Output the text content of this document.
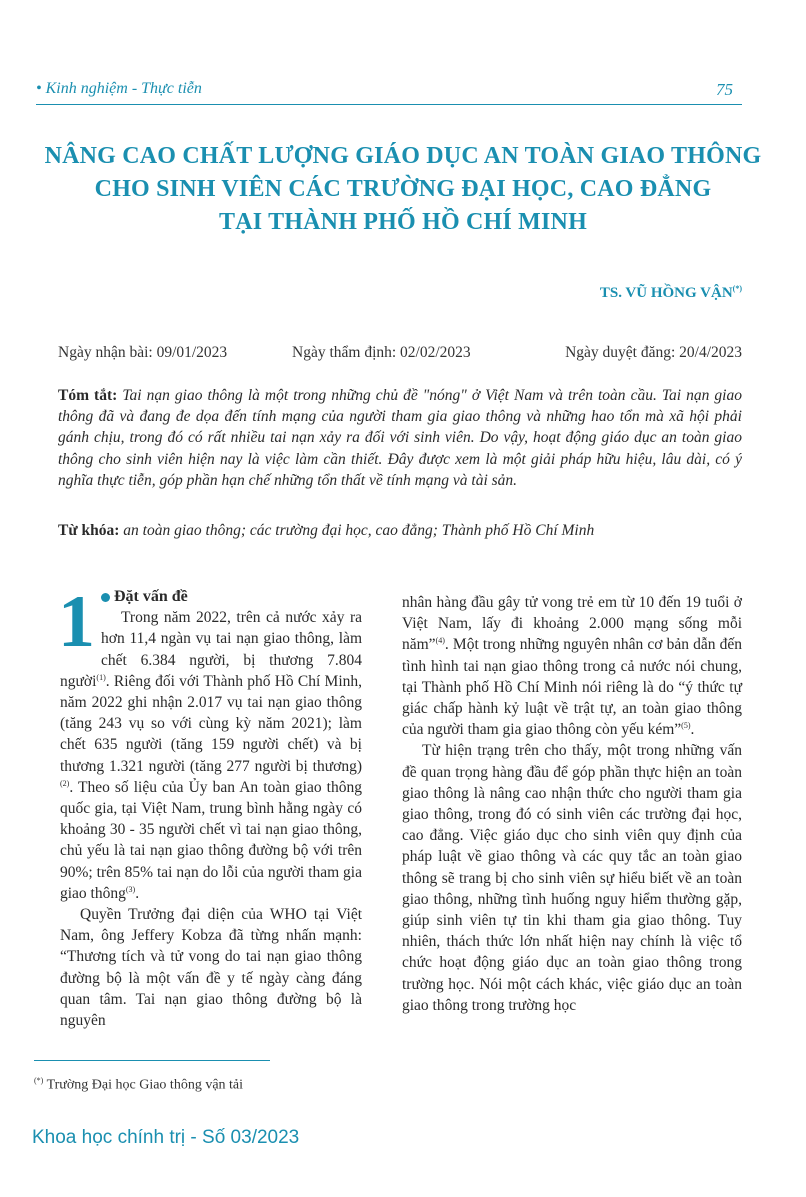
• Kinh nghiệm - Thực tiễn	75
NÂNG CAO CHẤT LƯỢNG GIÁO DỤC AN TOÀN GIAO THÔNG
CHO SINH VIÊN CÁC TRƯỜNG ĐẠI HỌC, CAO ĐẲNG
TẠI THÀNH PHỐ HỒ CHÍ MINH
TS. VŨ HỒNG VẬN(*)
Ngày nhận bài: 09/01/2023	Ngày thẩm định: 02/02/2023	Ngày duyệt đăng: 20/4/2023
Tóm tắt: Tai nạn giao thông là một trong những chủ đề "nóng" ở Việt Nam và trên toàn cầu. Tai nạn giao thông đã và đang đe dọa đến tính mạng của người tham gia giao thông và những hao tổn mà xã hội phải gánh chịu, trong đó có rất nhiều tai nạn xảy ra đối với sinh viên. Do vậy, hoạt động giáo dục an toàn giao thông cho sinh viên hiện nay là việc làm cần thiết. Đây được xem là một giải pháp hữu hiệu, lâu dài, có ý nghĩa thực tiễn, góp phần hạn chế những tổn thất về tính mạng và tài sản.
Từ khóa: an toàn giao thông; các trường đại học, cao đẳng; Thành phố Hồ Chí Minh
1	Đặt vấn đề

Trong năm 2022, trên cả nước xảy ra hơn 11,4 ngàn vụ tai nạn giao thông, làm chết 6.384 người, bị thương 7.804 người$^{(1)}$. Riêng đối với Thành phố Hồ Chí Minh, năm 2022 ghi nhận 2.017 vụ tai nạn giao thông (tăng 243 vụ so với cùng kỳ năm 2021); làm chết 635 người (tăng 159 người chết) và bị thương 1.321 người (tăng 277 người bị thương)$^{(2)}$. Theo số liệu của Ủy ban An toàn giao thông quốc gia, tại Việt Nam, trung bình hằng ngày có khoảng 30 - 35 người chết vì tai nạn giao thông, chủ yếu là tai nạn giao thông đường bộ với trên 90%; trên 85% tai nạn do lỗi của người tham gia giao thông$^{(3)}$.

Quyền Trưởng đại diện của WHO tại Việt Nam, ông Jeffery Kobza đã từng nhấn mạnh: “Thương tích và tử vong do tai nạn giao thông đường bộ là một vấn đề y tế ngày càng đáng quan tâm. Tai nạn giao thông đường bộ là nguyên

nhân hàng đầu gây tử vong trẻ em từ 10 đến 19 tuổi ở Việt Nam, lấy đi khoảng 2.000 mạng sống mỗi năm”$^{(4)}$. Một trong những nguyên nhân cơ bản dẫn đến tình hình tai nạn giao thông trong cả nước nói chung, tại Thành phố Hồ Chí Minh nói riêng là do “ý thức tự giác chấp hành kỷ luật về trật tự, an toàn giao thông của người tham gia giao thông còn yếu kém”$^{(5)}$.

Từ hiện trạng trên cho thấy, một trong những vấn đề quan trọng hàng đầu để góp phần thực hiện an toàn giao thông là nâng cao nhận thức cho người tham gia giao thông, trong đó có sinh viên các trường đại học, cao đẳng. Việc giáo dục cho sinh viên quy định của pháp luật về giao thông và các quy tắc an toàn giao thông sẽ trang bị cho sinh viên sự hiểu biết về an toàn giao thông, những tình huống nguy hiểm thường gặp, giúp sinh viên tự tin khi tham gia giao thông. Tuy nhiên, thách thức lớn nhất hiện nay chính là việc tổ chức hoạt động giáo dục an toàn giao thông trong trường học. Nói một cách khác, việc giáo dục an toàn giao thông trong trường học

(*) Trường Đại học Giao thông vận tải
Khoa học chính trị - Số 03/2023
